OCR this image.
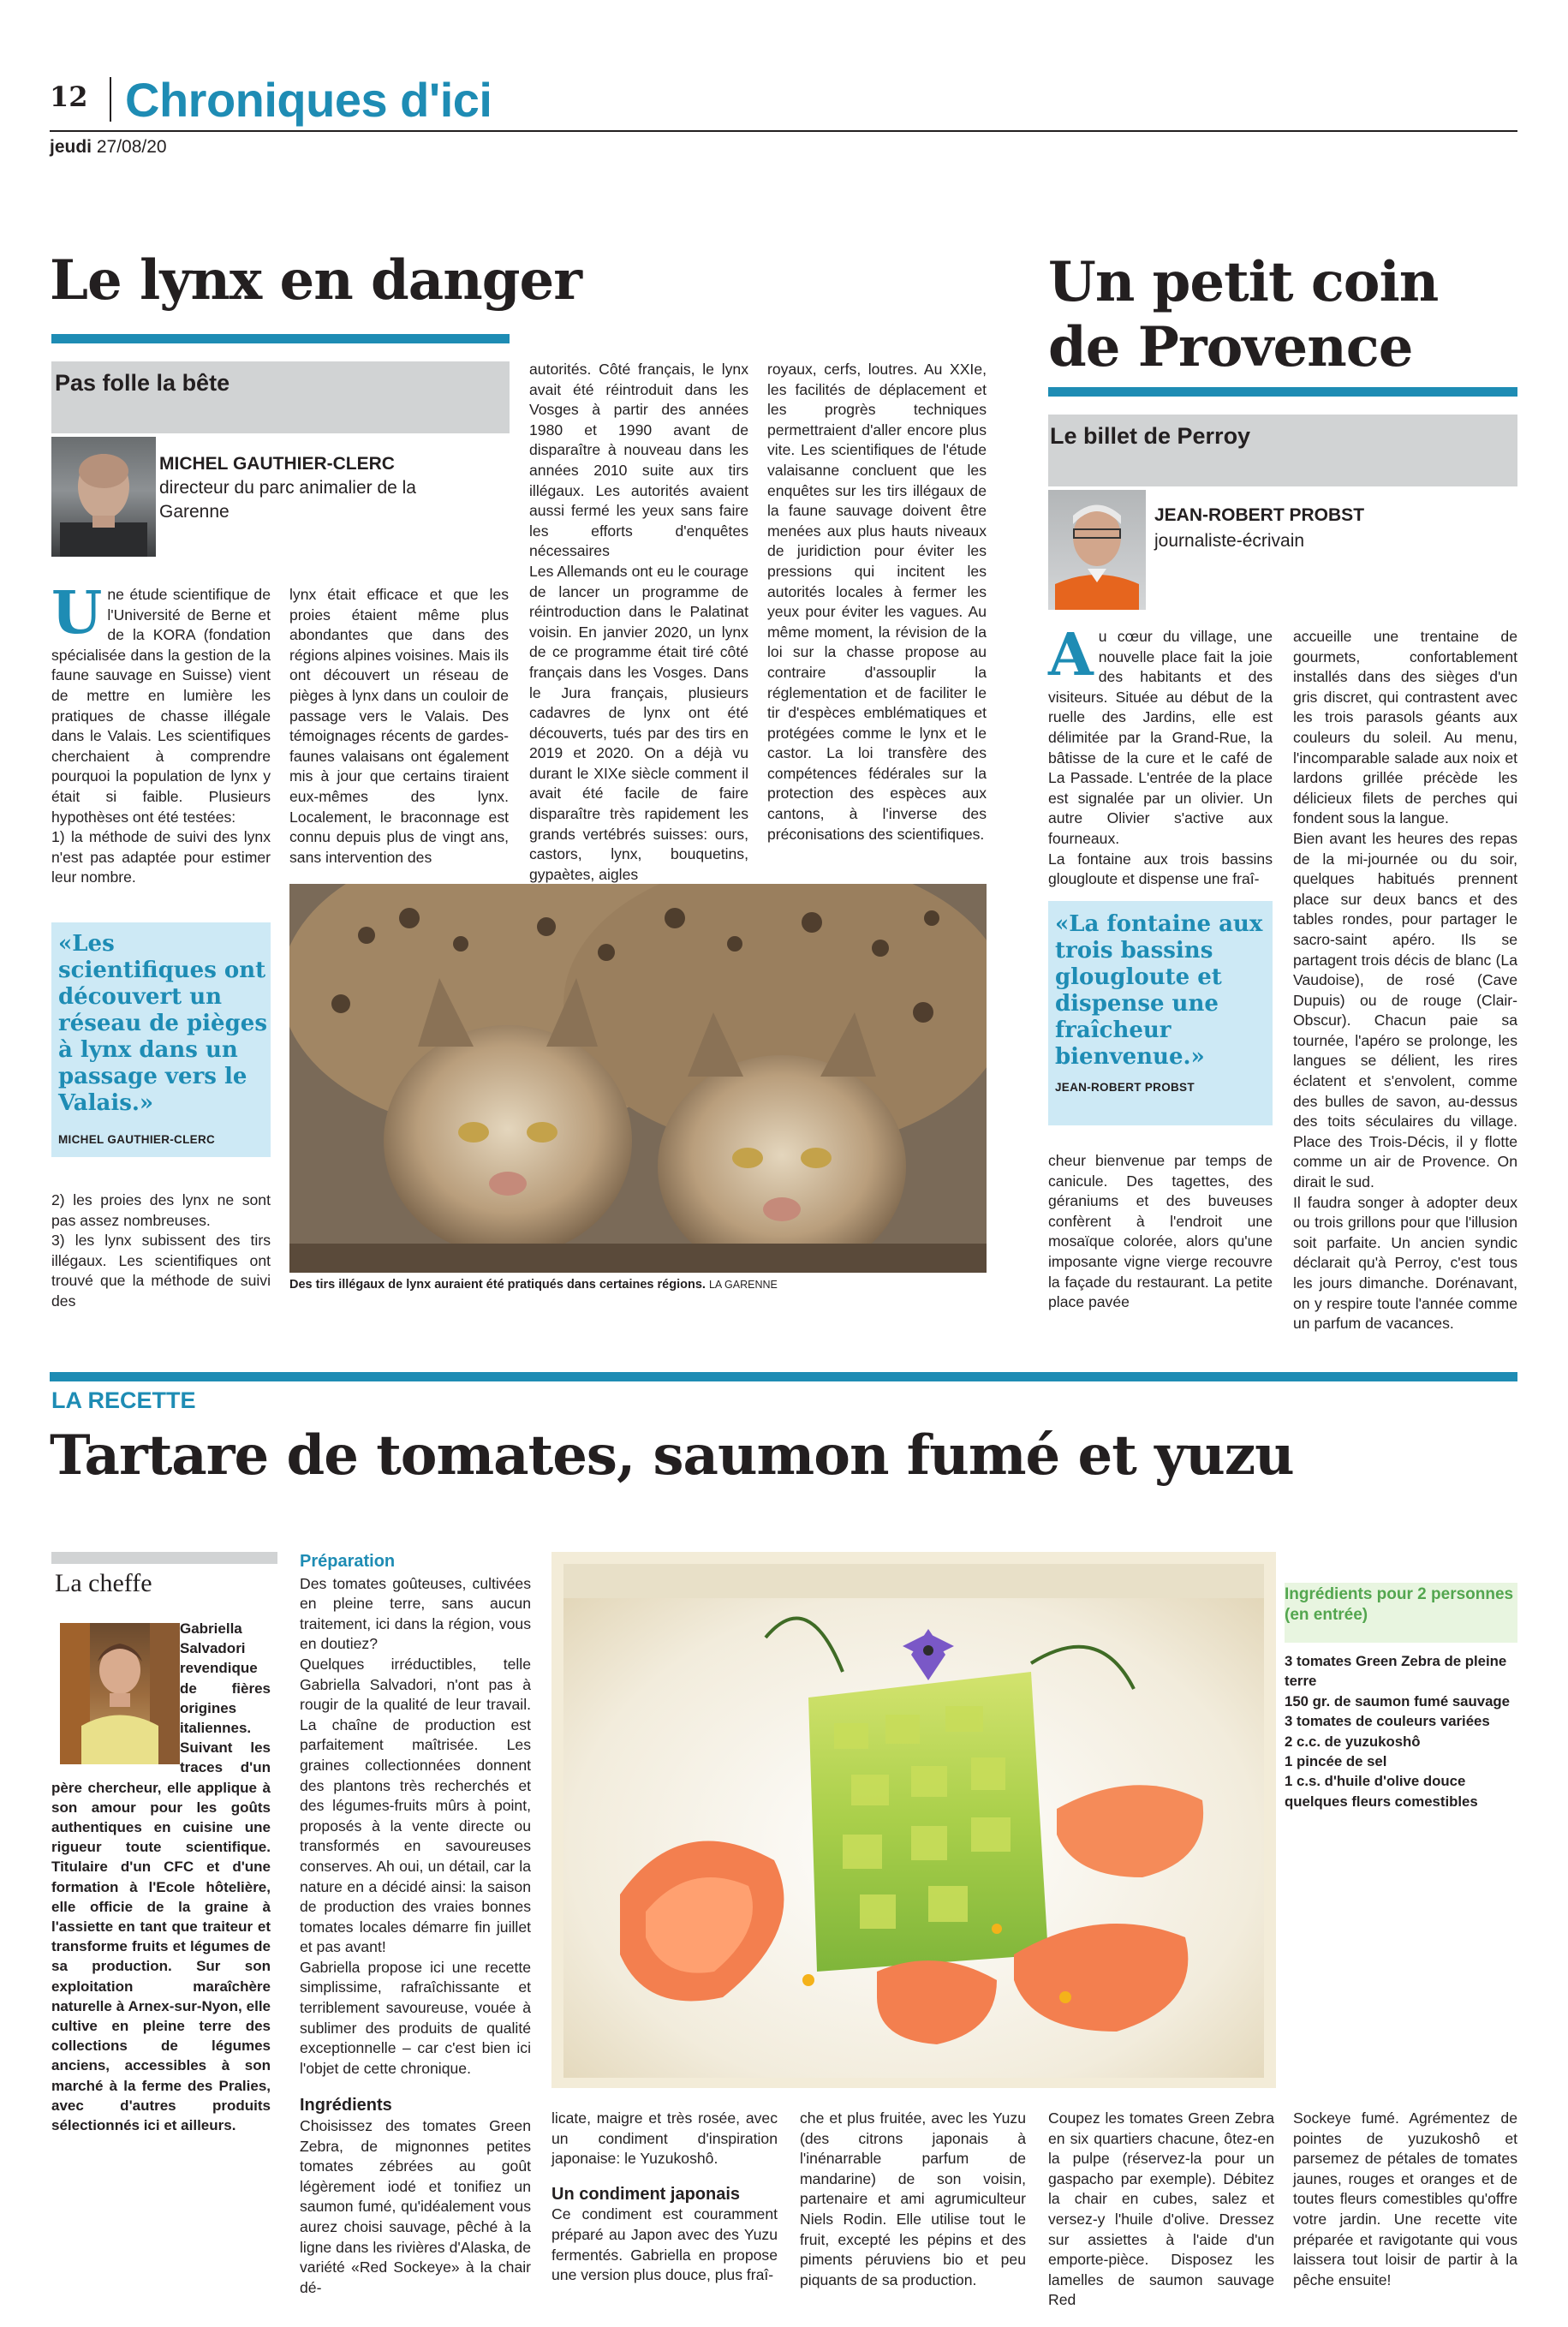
12 Chroniques d'ici
jeudi 27/08/20
Le lynx en danger
Pas folle la bête
MICHEL GAUTHIER-CLERC
directeur du parc animalier de la Garenne
U ne étude scientifique de l'Université de Berne et de la KORA (fondation spécialisée dans la gestion de la faune sauvage en Suisse) vient de mettre en lumière les pratiques de chasse illégale dans le Valais. Les scientifiques cherchaient à comprendre pourquoi la population de lynx y était si faible. Plusieurs hypothèses ont été testées:

1) la méthode de suivi des lynx n'est pas adaptée pour estimer leur nombre.

«Les scientifiques ont découvert un réseau de pièges à lynx dans un passage vers le Valais.»
MICHEL GAUTHIER-CLERC

2) les proies des lynx ne sont pas assez nombreuses.

3) les lynx subissent des tirs illégaux. Les scientifiques ont trouvé que la méthode de suivi des

lynx était efficace et que les proies étaient même plus abondantes que dans des régions alpines voisines. Mais ils ont découvert un réseau de pièges à lynx dans un couloir de passage vers le Valais. Des témoignages récents de gardes-faunes valaisans ont également mis à jour que certains tiraient eux-mêmes des lynx. Localement, le braconnage est connu depuis plus de vingt ans, sans intervention des

autorités. Côté français, le lynx avait été réintroduit dans les Vosges à partir des années 1980 et 1990 avant de disparaître à nouveau dans les années 2010 suite aux tirs illégaux. Les autorités avaient aussi fermé les yeux sans faire les efforts d'enquêtes nécessaires

Les Allemands ont eu le courage de lancer un programme de réintroduction dans le Palatinat voisin. En janvier 2020, un lynx de ce programme était tiré côté français dans les Vosges. Dans le Jura français, plusieurs cadavres de lynx ont été découverts, tués par des tirs en 2019 et 2020. On a déjà vu durant le XIXe siècle comment il avait été facile de faire disparaître très rapidement les grands vertébrés suisses: ours, castors, lynx, bouquetins, gypaètes, aigles

royaux, cerfs, loutres. Au XXIe, les facilités de déplacement et les progrès techniques permettraient d'aller encore plus vite. Les scientifiques de l'étude valaisanne concluent que les enquêtes sur les tirs illégaux de la faune sauvage doivent être menées aux plus hauts niveaux de juridiction pour éviter les pressions qui incitent les autorités locales à fermer les yeux pour éviter les vagues. Au même moment, la révision de la loi sur la chasse propose au contraire d'assouplir la réglementation et de faciliter le tir d'espèces emblématiques et protégées comme le lynx et le castor. La loi transfère des compétences fédérales sur la protection des espèces aux cantons, à l'inverse des préconisations des scientifiques.

Des tirs illégaux de lynx auraient été pratiqués dans certaines régions. LA GARENNE
Un petit coin
de Provence
Le billet de Perroy
JEAN-ROBERT PROBST
journaliste-écrivain
A u cœur du village, une nouvelle place fait la joie des habitants et des visiteurs. Située au début de la ruelle des Jardins, elle est délimitée par la Grand-Rue, la bâtisse de la cure et le café de La Passade. L'entrée de la place est signalée par un olivier. Un autre Olivier s'active aux fourneaux.

La fontaine aux trois bassins glougloute et dispense une fraî-

«La fontaine aux trois bassins glougloute et dispense une fraîcheur bienvenue.»
JEAN-ROBERT PROBST

cheur bienvenue par temps de canicule. Des tagettes, des géraniums et des buveuses confèrent à l'endroit une mosaïque colorée, alors qu'une imposante vigne vierge recouvre la façade du restaurant. La petite place pavée

accueille une trentaine de gourmets, confortablement installés dans des sièges d'un gris discret, qui contrastent avec les trois parasols géants aux couleurs du soleil. Au menu, l'incomparable salade aux noix et lardons grillée précède les délicieux filets de perches qui fondent sous la langue.

Bien avant les heures des repas de la mi-journée ou du soir, quelques habitués prennent place sur deux bancs et des tables rondes, pour partager le sacro-saint apéro. Ils se partagent trois décis de blanc (La Vaudoise), de rosé (Cave Dupuis) ou de rouge (Clair-Obscur). Chacun paie sa tournée, l'apéro se prolonge, les langues se délient, les rires éclatent et s'envolent, comme des bulles de savon, au-dessus des toits séculaires du village. Place des Trois-Décis, il y flotte comme un air de Provence. On dirait le sud.

Il faudra songer à adopter deux ou trois grillons pour que l'illusion soit parfaite. Un ancien syndic déclarait qu'à Perroy, c'est tous les jours dimanche. Dorénavant, on y respire toute l'année comme un parfum de vacances.

LA RECETTE
Tartare de tomates, saumon fumé et yuzu
La cheffe

Gabriella Salvadori revendique de fières origines italiennes. Suivant les traces d'un père chercheur, elle applique à son amour pour les goûts authentiques en cuisine une rigueur toute scientifique. Titulaire d'un CFC et d'une formation à l'Ecole hôtelière, elle officie de la graine à l'assiette en tant que traiteur et transforme fruits et légumes de sa production. Sur son exploitation maraîchère naturelle à Arnex-sur-Nyon, elle cultive en pleine terre des collections de légumes anciens, accessibles à son marché à la ferme des Pralies, avec d'autres produits sélectionnés ici et ailleurs.

Préparation

Des tomates goûteuses, cultivées en pleine terre, sans aucun traitement, ici dans la région, vous en doutiez?

Quelques irréductibles, telle Gabriella Salvadori, n'ont pas à rougir de la qualité de leur travail. La chaîne de production est parfaitement maîtrisée. Les graines collectionnées donnent des plantons très recherchés et des légumes-fruits mûrs à point, proposés à la vente directe ou transformés en savoureuses conserves. Ah oui, un détail, car la nature en a décidé ainsi: la saison de production des vraies bonnes tomates locales démarre fin juillet et pas avant!

Gabriella propose ici une recette simplissime, rafraîchissante et terriblement savoureuse, vouée à sublimer des produits de qualité exceptionnelle – car c'est bien ici l'objet de cette chronique.

Ingrédients

Choisissez des tomates Green Zebra, de mignonnes petites tomates zébrées au goût légèrement iodé et tonifiez un saumon fumé, qu'idéalement vous aurez choisi sauvage, pêché à la ligne dans les rivières d'Alaska, de variété «Red Sockeye» à la chair dé-

Ingrédients pour 2 personnes (en entrée)
3 tomates Green Zebra de pleine terre
150 gr. de saumon fumé sauvage
3 tomates de couleurs variées
2 c.c. de yuzukoshô
1 pincée de sel
1 c.s. d'huile d'olive douce
quelques fleurs comestibles

licate, maigre et très rosée, avec un condiment d'inspiration japonaise: le Yuzukoshô.

Un condiment japonais

Ce condiment est couramment préparé au Japon avec des Yuzu fermentés. Gabriella en propose une version plus douce, plus fraî-

che et plus fruitée, avec les Yuzu (des citrons japonais à l'inénarrable parfum de mandarine) de son voisin, partenaire et ami agrumiculteur Niels Rodin. Elle utilise tout le fruit, excepté les pépins et des piments péruviens bio et peu piquants de sa production.

Coupez les tomates Green Zebra en six quartiers chacune, ôtez-en la pulpe (réservez-la pour un gaspacho par exemple). Débitez la chair en cubes, salez et versez-y l'huile d'olive. Dressez sur assiettes à l'aide d'un emporte-pièce. Disposez les lamelles de saumon sauvage Red

Sockeye fumé. Agrémentez de pointes de yuzukoshô et parsemez de pétales de tomates jaunes, rouges et oranges et de toutes fleurs comestibles qu'offre votre jardin. Une recette vite préparée et ravigotante qui vous laissera tout loisir de partir à la pêche ensuite!
